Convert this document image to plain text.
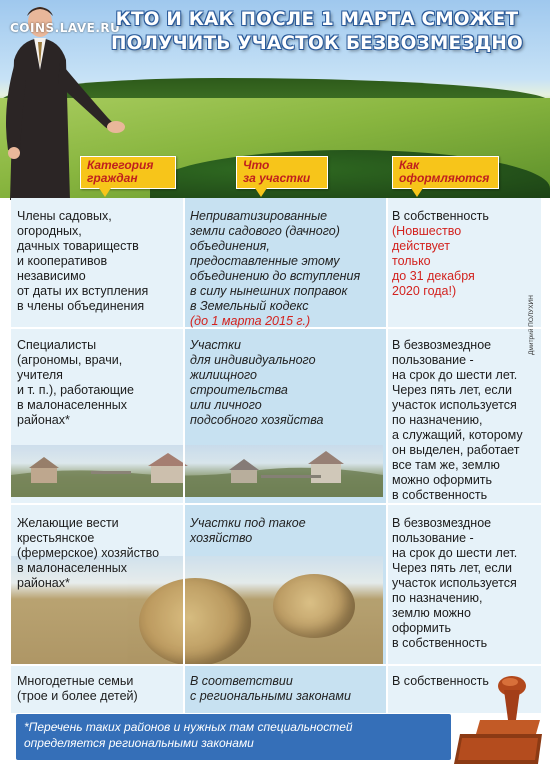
COINS.LAVE.RU
КТО И КАК ПОСЛЕ 1 МАРТА СМОЖЕТ
ПОЛУЧИТЬ УЧАСТОК БЕЗВОЗМЕЗДНО
Категория
граждан
Что
за участки
Как
оформляются
Члены садовых,
огородных,
дачных товариществ
и кооперативов
независимо
от даты их вступления
в члены объединения
Неприватизированные
земли садового (дачного)
объединения,
предоставленные этому
объединению до вступления
в силу нынешних поправок
в Земельный кодекс
(до 1 марта 2015 г.)
В собственность
(Новшество
действует
только
до 31 декабря
2020 года!)
Дмитрий ПОЛУХИН
Специалисты
(агрономы, врачи,
учителя
и т. п.), работающие
в малонаселенных
районах*
Участки
для индивидуального
жилищного
строительства
или личного
подсобного хозяйства
В безвозмездное
пользование -
на срок до шести лет.
Через пять лет, если
участок используется
по назначению,
а служащий, которому
он выделен, работает
все там же, землю
можно оформить
в собственность
Желающие вести
крестьянское
(фермерское) хозяйство
в малонаселенных
районах*
Участки под такое
хозяйство
В безвозмездное
пользование -
на срок до шести лет.
Через пять лет, если
участок используется
по назначению,
землю можно
оформить
в собственность
Многодетные семьи
(трое и более детей)
В соответствии
с региональными законами
В собственность
*Перечень таких районов и нужных там специальностей
определяется региональными законами
